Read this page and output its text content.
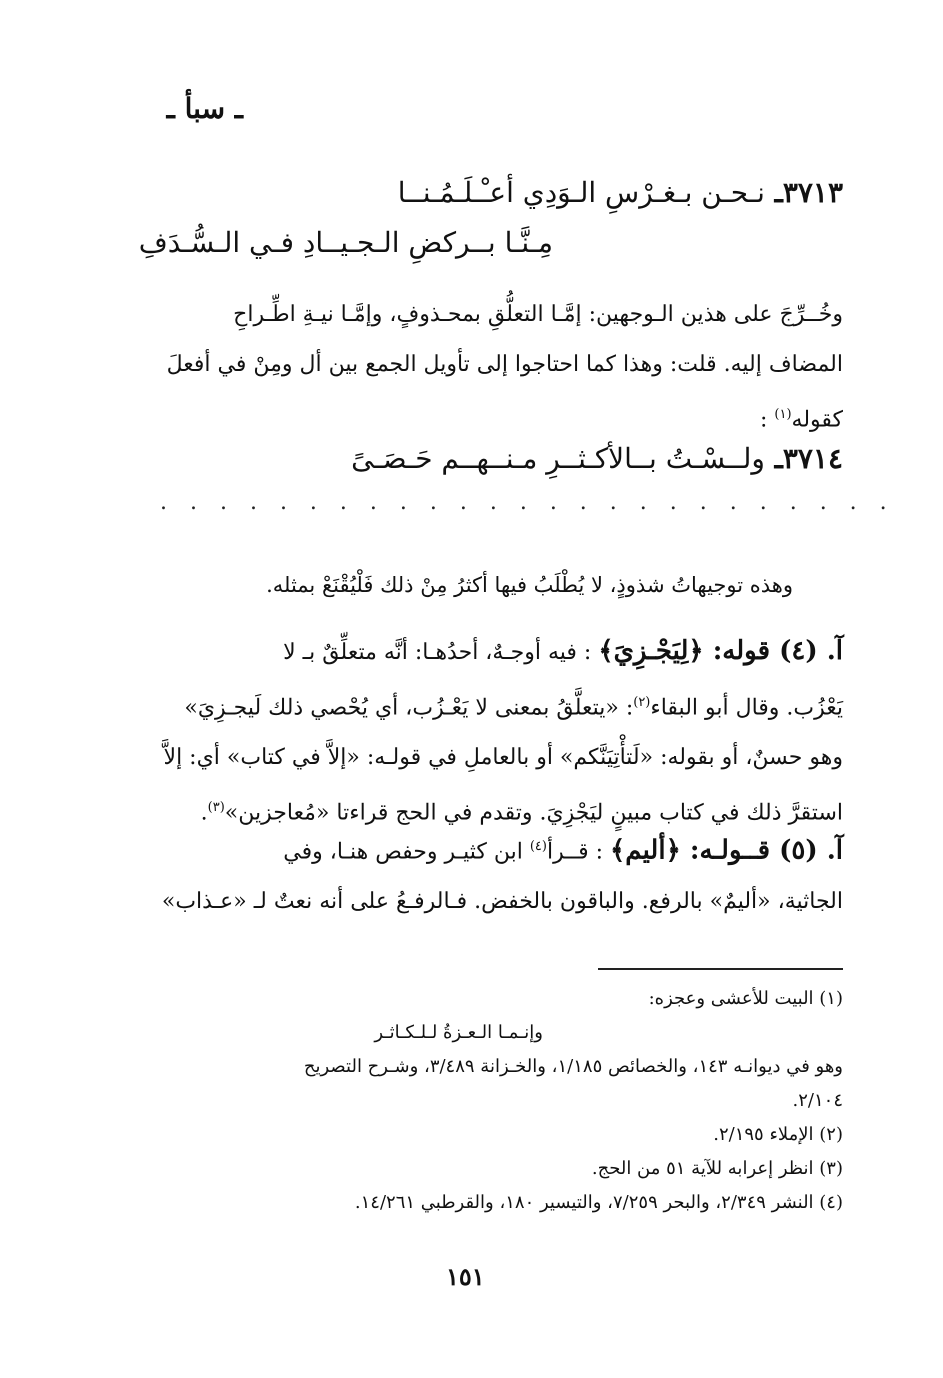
ـ سبأ ـ
٣٧١٣ـ نـحـن بـغـرْسِ الـوَدِي أعـْـلَـمُـنــا
مِـنَّـا بــركضِ الـجـيــادِ فـي الـسُّـدَفِ
وخُــرِّجَ على هذين الـوجهين: إمَّـا التعلُّقِ بمحـذوفٍ، وإمَّـا نيـةِ اطِّـراحِ
المضاف إليه. قلت: وهذا كما احتاجوا إلى تأويل الجمع بين أل ومِنْ في أفعلَ
كقوله$^{(١)}$ :
٣٧١٤ـ ولــسْـتُ بــالأكـثــرِ مـنــهــم حَـصَـىً
. . . . . . . . . . . . . . . . . . . . . . . . .
وهذه توجيهاتُ شذوذٍ، لا يُطْلَبُ فيها أكثرُ مِنْ ذلك فَلْيُقْنَعْ بمثله.
آ. (٤) قوله: ﴿لِيَجْـزِيَ﴾ : فيه أوجـهٌ، أحدُهـا: أنَّه متعلِّقٌ بـ لا
يَعْزُب. وقال أبو البقاء$^{(٢)}$: «يتعلَّقُ بمعنى لا يَعْـزُب، أي يُحْصي ذلك لَيجـزِيَ»
وهو حسنٌ، أو بقوله: «لَتأْتِيَنَّكم» أو بالعاملِ في قولـه: «إلاَّ في كتاب» أي: إلاَّ
استقرَّ ذلك في كتاب مبينٍ ليَجْزِيَ. وتقدم في الحج قراءتا «مُعاجزين»$^{(٣)}$.
آ. (٥) قــولـه: ﴿أليم﴾ : قــرأ$^{(٤)}$ ابن كثيـر وحفص هنـا، وفي
الجاثية، «أليمٌ» بالرفع. والباقون بالخفض. فـالرفـعُ على أنه نعتٌ لـ «عـذاب»

(١) البيت للأعشى وعجزه:

وإنـمـا الـعـزةُ لـلـكـاثـر

وهو في ديوانـه ١٤٣، والخصائص ١/١٨٥، والخـزانة ٣/٤٨٩، وشـرح التصريح

٢/١٠٤.

(٢) الإملاء ٢/١٩٥.

(٣) انظر إعرابه للآية ٥١ من الحج.

(٤) النشر ٢/٣٤٩، والبحر ٧/٢٥٩، والتيسير ١٨٠، والقرطبي ١٤/٢٦١.

١٥١
